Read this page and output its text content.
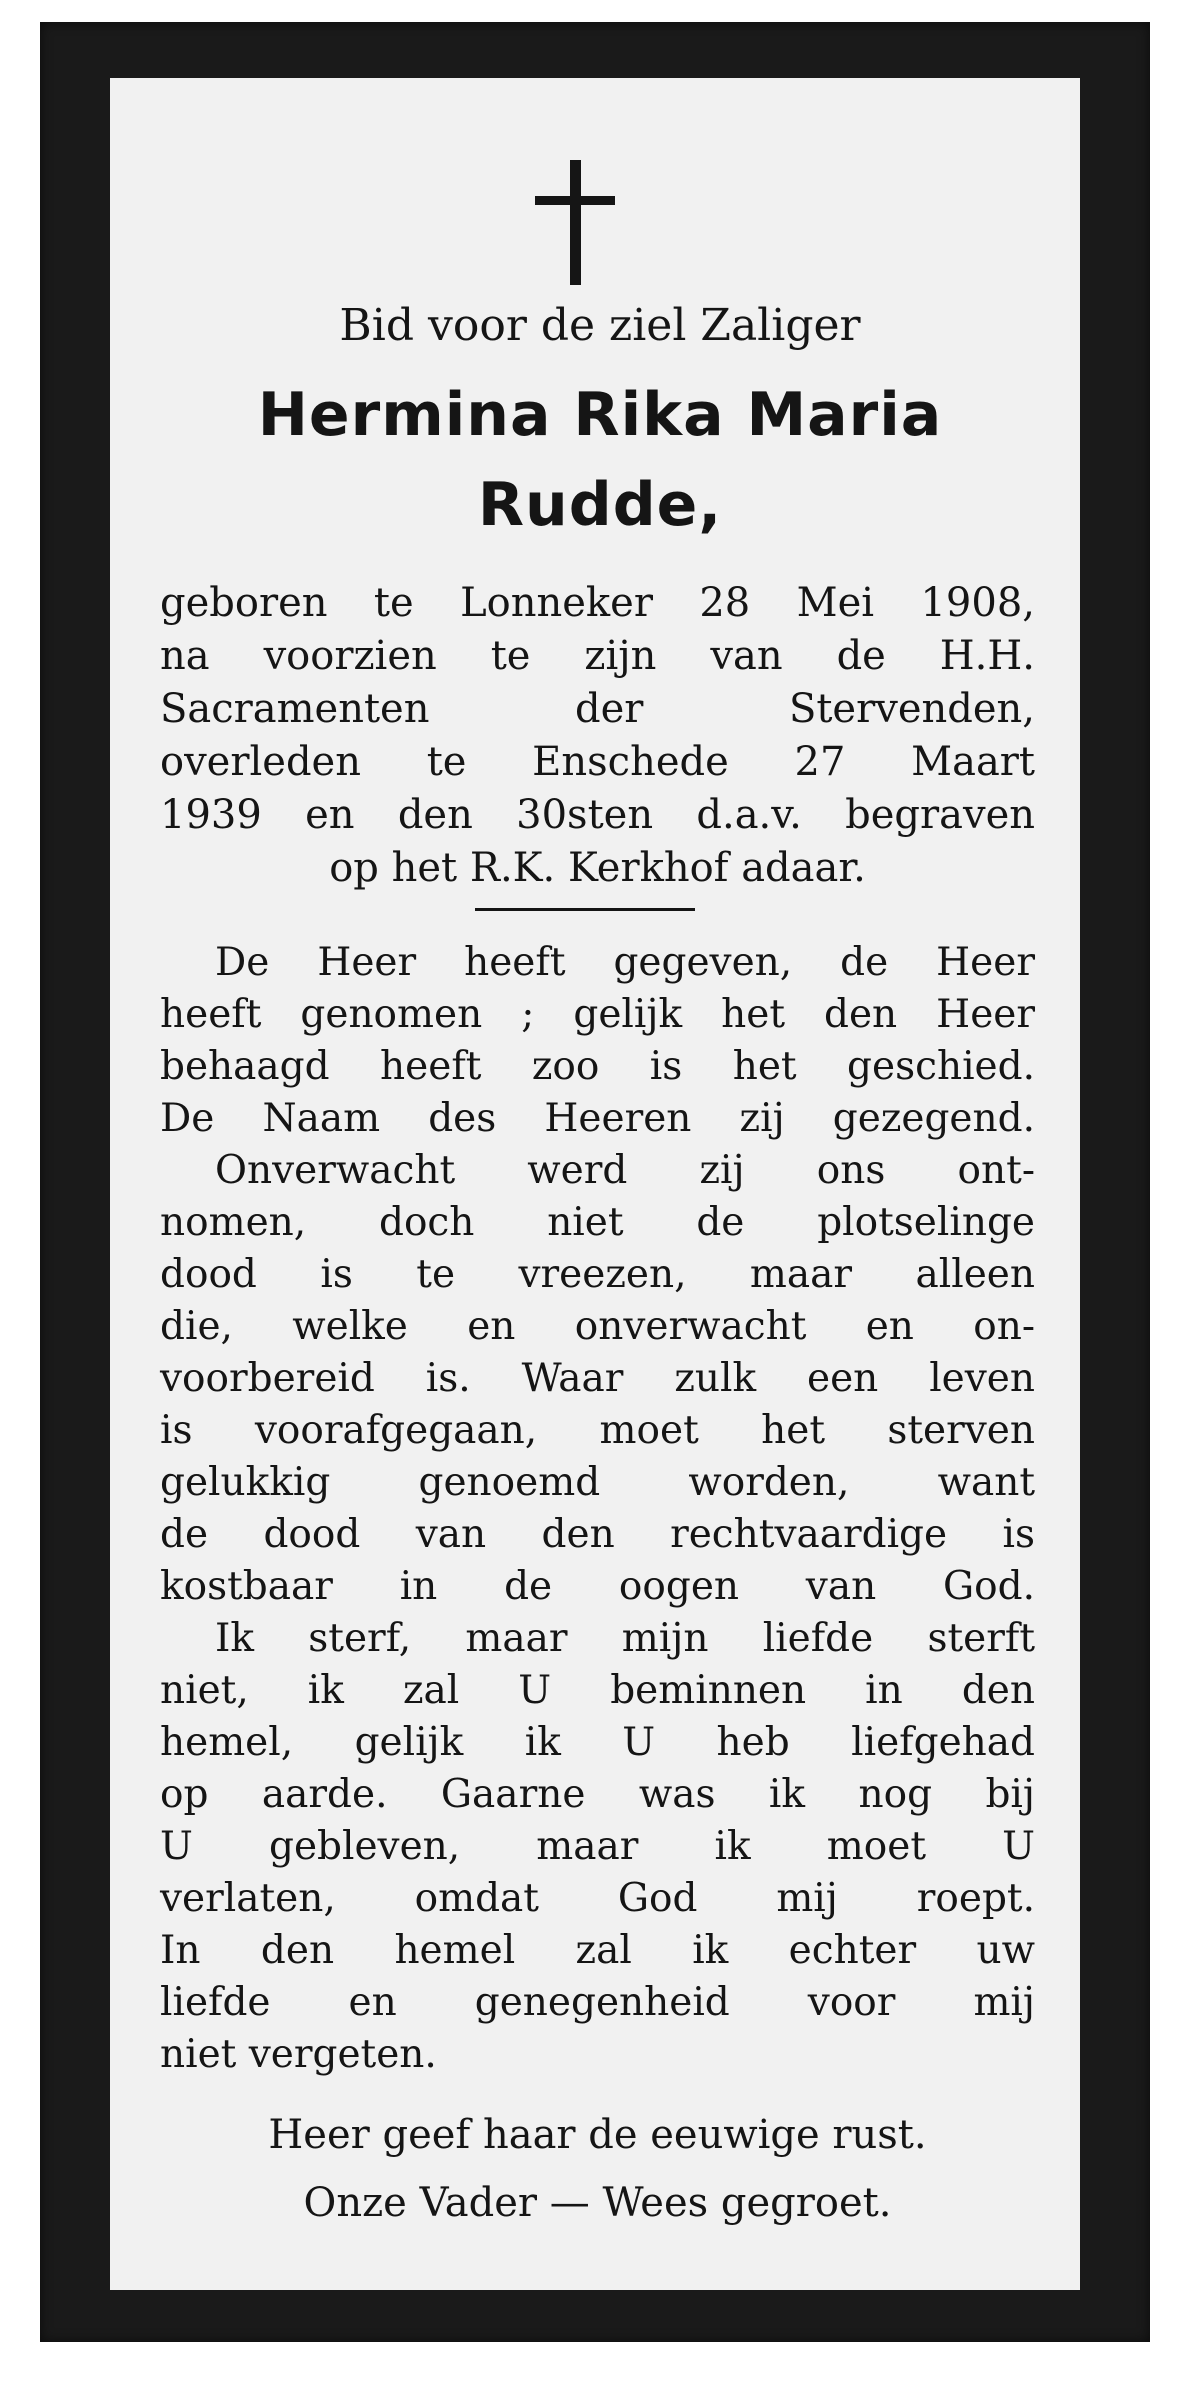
Bid voor de ziel Zaliger
Hermina Rika Maria
Rudde,
geboren te Lonneker 28 Mei 1908,
na voorzien te zijn van de H.H.
Sacramenten der Stervenden,
overleden te Enschede 27 Maart
1939 en den 30sten d.a.v. begraven
op het R.K. Kerkhof adaar.
De Heer heeft gegeven, de Heer
heeft genomen ; gelijk het den Heer
behaagd heeft zoo is het geschied.
De Naam des Heeren zij gezegend.
Onverwacht werd zij ons ont-
nomen, doch niet de plotselinge
dood is te vreezen, maar alleen
die, welke en onverwacht en on-
voorbereid is. Waar zulk een leven
is voorafgegaan, moet het sterven
gelukkig genoemd worden, want
de dood van den rechtvaardige is
kostbaar in de oogen van God.
Ik sterf, maar mijn liefde sterft
niet, ik zal U beminnen in den
hemel, gelijk ik U heb liefgehad
op aarde. Gaarne was ik nog bij
U gebleven, maar ik moet U
verlaten, omdat God mij roept.
In den hemel zal ik echter uw
liefde en genegenheid voor mij
niet vergeten.
Heer geef haar de eeuwige rust.
Onze Vader — Wees gegroet.
